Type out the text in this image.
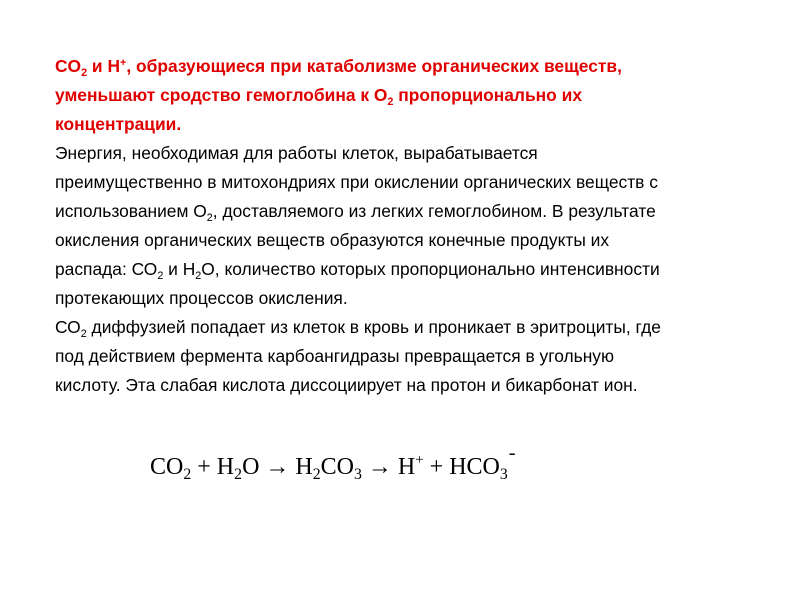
$CO_2$ и Н+, образующиеся при катаболизме органических веществ,
уменьшают сродство гемоглобина к $О_2$ пропорционально их
концентрации.

Энергия, необходимая для работы клеток, вырабатывается
преимущественно в митохондриях при окислении органических веществ с
использованием $О_2$, доставляемого из легких гемоглобином. В результате
окисления органических веществ образуются конечные продукты их
распада: $СО_2$ и $Н_2О$, количество которых пропорционально интенсивности
протекающих процессов окисления.

$СО_2$ диффузией попадает из клеток в кровь и проникает в эритроциты, где
под действием фермента карбоангидразы превращается в угольную
кислоту. Эта слабая кислота диссоциирует на протон и бикарбонат ион.

$CO_2 + H_2O \to H_2CO_3 \to H^+ + HCO_3^-$
